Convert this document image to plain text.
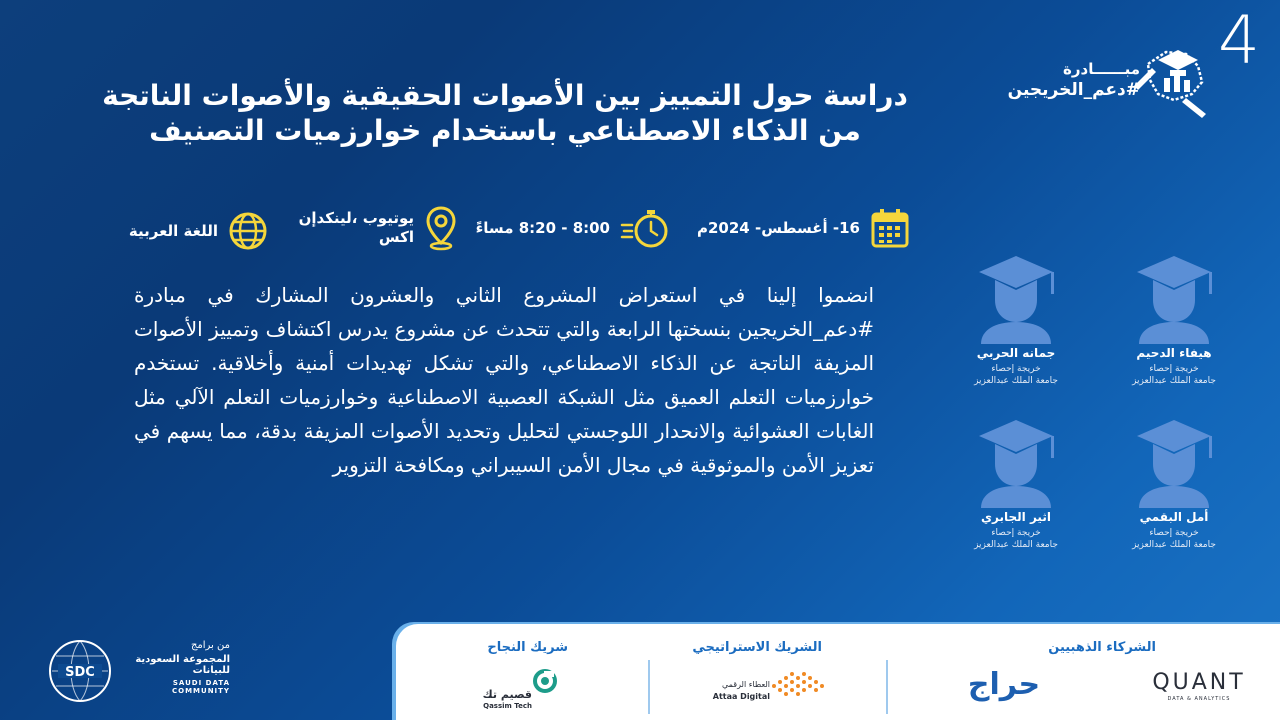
4
مبــــــادرة
#دعم_الخريجين
دراسة حول التمييز بين الأصوات الحقيقية والأصوات الناتجة من الذكاء الاصطناعي باستخدام خوارزميات التصنيف
16- أغسطس- 2024م
8:00 - 8:20 مساءً
يوتيوب ،لينكدإن
اكس
اللغة العربية
انضموا إلينا في استعراض المشروع الثاني والعشرون المشارك في مبادرة #دعم_الخريجين بنسختها الرابعة والتي تتحدث عن مشروع يدرس اكتشاف وتمييز الأصوات المزيفة الناتجة عن الذكاء الاصطناعي، والتي تشكل تهديدات أمنية وأخلاقية. تستخدم خوارزميات التعلم العميق مثل الشبكة العصبية الاصطناعية وخوارزميات التعلم الآلي مثل الغابات العشوائية والانحدار اللوجستي لتحليل وتحديد الأصوات المزيفة بدقة، مما يسهم في تعزيز الأمن والموثوقية في مجال الأمن السيبراني ومكافحة التزوير
هيفاء الدحيم
خريجة إحصاء
جامعة الملك عبدالعزيز
جمانه الحربي
خريجة إحصاء
جامعة الملك عبدالعزيز
أمل البقمي
خريجة إحصاء
جامعة الملك عبدالعزيز
اثير الجابري
خريجة إحصاء
جامعة الملك عبدالعزيز
SDC
من برامج
المجموعة السعودية للبيانات
SAUDI DATA COMMUNITY
الشركاء الذهبيين
الشريك الاستراتيجي
شريك النجاح
QUANT
DATA & ANALYTICS
حراج
العطاء الرقمي
Attaa Digital
قصيم تك
Qassim Tech
